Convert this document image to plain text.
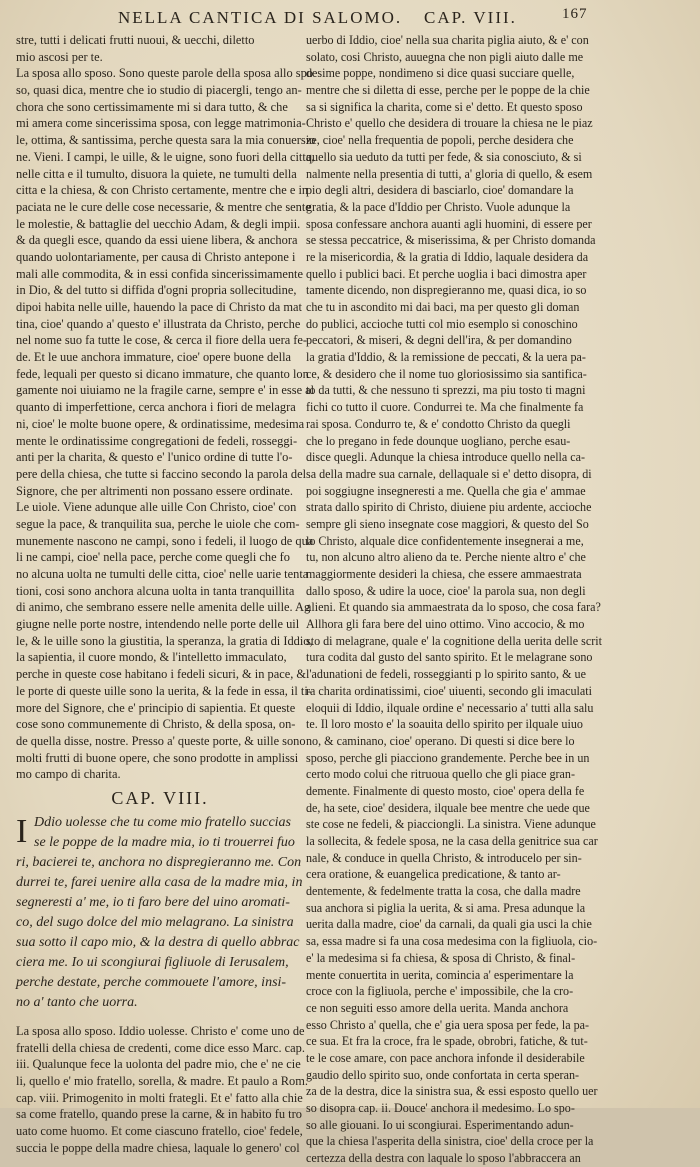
NELLA CANTICA DI SALOMO. CAP. VIII.	167
stre, tutti i delicati frutti nuoui, & uecchi, diletto
mio ascosi per te.
La sposa allo sposo. Sono queste parole della sposa allo spo
so, quasi dica, mentre che io studio di piacergli, tengo an-
chora che sono certissimamente mi si dara tutto, & che
mi amera come sincerissima sposa, con legge matrimonia-
le, ottima, & santissima, perche questa sara la mia conuersio
ne. Vieni. I campi, le uille, & le uigne, sono fuori della citta,
nelle citta e il tumulto, disuora la quiete, ne tumulti della
citta e la chiesa, & con Christo certamente, mentre che e in
paciata ne le cure delle cose necessarie, & mentre che sente
le molestie, & battaglie del uecchio Adam, & degli impii.
& da quegli esce, quando da essi uiene libera, & anchora
quando uolontariamente, per causa di Christo antepone i
mali alle commodita, & in essi confida sincerissimamente
in Dio, & del tutto si diffida d'ogni propria sollecitudine,
dipoi habita nelle uille, hauendo la pace di Christo da mat
tina, cioe' quando a' questo e' illustrata da Christo, perche
nel nome suo fa tutte le cose, & cerca il fiore della uera fe-
de. Et le uue anchora immature, cioe' opere buone della
fede, lequali per questo si dicano immature, che quanto lon
gamente noi uiuiamo ne la fragile carne, sempre e' in esse al
quanto di imperfettione, cerca anchora i fiori de melagra
ni, cioe' le molte buone opere, & ordinatissime, medesima
mente le ordinatissime congregationi de fedeli, rosseggi-
anti per la charita, & questo e' l'unico ordine di tutte l'o-
pere della chiesa, che tutte si faccino secondo la parola del
Signore, che per altrimenti non possano essere ordinate.
Le uiole. Viene adunque alle uille Con Christo, cioe' con
segue la pace, & tranquilita sua, perche le uiole che com-
munemente nascono ne campi, sono i fedeli, il luogo de qua
li ne campi, cioe' nella pace, perche come quegli che fo
no alcuna uolta ne tumulti delle citta, cioe' nelle uarie tenta
tioni, cosi sono anchora alcuna uolta in tanta tranquillita
di animo, che sembrano essere nelle amenita delle uille. Ag
giugne nelle porte nostre, intendendo nelle porte delle uil
le, & le uille sono la giustitia, la speranza, la gratia di Iddio,
la sapientia, il cuore mondo, & l'intelletto immaculato,
perche in queste cose habitano i fedeli sicuri, & in pace, &
le porte di queste uille sono la uerita, & la fede in essa, il ti-
more del Signore, che e' principio di sapientia. Et queste
cose sono communemente di Christo, & della sposa, on-
de quella disse, nostre. Presso a' queste porte, & uille sono
molti frutti di buone opere, che sono prodotte in amplissi
mo campo di charita.
CAP. VIII.
I Ddio uolesse che tu come mio fratello succias
se le poppe de la madre mia, io ti trouerrei fuo
ri, bacierei te, anchora no dispregieranno me. Con
durrei te, farei uenire alla casa de la madre mia, in
segneresti a' me, io ti faro bere del uino aromati-
co, del sugo dolce del mio melagrano. La sinistra
sua sotto il capo mio, & la destra di quello abbrac
ciera me. Io ui scongiurai figliuole di Ierusalem,
perche destate, perche commouete l'amore, insi-
no a' tanto che uorra.
La sposa allo sposo. Iddio uolesse. Christo e' come uno de
fratelli della chiesa de credenti, come dice esso Marc. cap.
iii. Qualunque fece la uolonta del padre mio, che e' ne cie
li, quello e' mio fratello, sorella, & madre. Et paulo a Rom.
cap. viii. Primogenito in molti frategli. Et e' fatto alla chie
sa come fratello, quando prese la carne, & in habito fu tro
uato come huomo. Et come ciascuno fratello, cioe' fedele,
succia le poppe della madre chiesa, laquale lo genero' col
uerbo di Iddio, cioe' nella sua charita piglia aiuto, & e' con
solato, cosi Christo, auuegna che non pigli aiuto dalle me
desime poppe, nondimeno si dice quasi succiare quelle,
mentre che si diletta di esse, perche per le poppe de la chie
sa si significa la charita, come si e' detto. Et questo sposo
Christo e' quello che desidera di trouare la chiesa ne le piaz
ze, cioe' nella frequentia de popoli, perche desidera che
quello sia ueduto da tutti per fede, & sia conosciuto, & si
nalmente nella presentia di tutti, a' gloria di quello, & esem
pio degli altri, desidera di basciarlo, cioe' domandare la
gratia, & la pace d'Iddio per Christo. Vuole adunque la
sposa confessare anchora auanti agli huomini, di essere per
se stessa peccatrice, & miserissima, & per Christo domanda
re la misericordia, & la gratia di Iddio, laquale desidera da
quello i publici baci. Et perche uoglia i baci dimostra aper
tamente dicendo, non dispregieranno me, quasi dica, io so
che tu in ascondito mi dai baci, ma per questo gli doman
do publici, accioche tutti col mio esemplo si conoschino
peccatori, & miseri, & degni dell'ira, & per domandino
la gratia d'Iddio, & la remissione de peccati, & la uera pa-
ce, & desidero che il nome tuo gloriosissimo sia santifica-
to da tutti, & che nessuno ti sprezzi, ma piu tosto ti magni
fichi co tutto il cuore. Condurrei te. Ma che finalmente fa
rai sposa. Condurro te, & e' condotto Christo da quegli
che lo pregano in fede dounque uogliano, perche esau-
disce quegli. Adunque la chiesa introduce quello nella ca-
sa della madre sua carnale, dellaquale si e' detto disopra, di
poi soggiugne insegneresti a me. Quella che gia e' ammae
strata dallo spirito di Christo, diuiene piu ardente, accioche
sempre gli sieno insegnate cose maggiori, & questo del So
lo Christo, alquale dice confidentemente insegnerai a me,
tu, non alcuno altro alieno da te. Perche niente altro e' che
maggiormente desideri la chiesa, che essere ammaestrata
dallo sposo, & udire la uoce, cioe' la parola sua, non degli
alieni. Et quando sia ammaestrata da lo sposo, che cosa fara?
Allhora gli fara bere del uino ottimo. Vino accocio, & mo
sto di melagrane, quale e' la cognitione della uerita delle scrit
tura codita dal gusto del santo spirito. Et le melagrane sono
l'adunationi de fedeli, rosseggianti p lo spirito santo, & ue
ra charita ordinatissimi, cioe' uiuenti, secondo gli imaculati
eloquii di Iddio, ilquale ordine e' necessario a' tutti alla salu
te. Il loro mosto e' la soauita dello spirito per ilquale uiuo
no, & caminano, cioe' operano. Di questi si dice bere lo
sposo, perche gli piacciono grandemente. Perche bee in un
certo modo colui che ritruoua quello che gli piace gran-
demente. Finalmente di questo mosto, cioe' opera della fe
de, ha sete, cioe' desidera, ilquale bee mentre che uede que
ste cose ne fedeli, & piacciongli. La sinistra. Viene adunque
la sollecita, & fedele sposa, ne la casa della genitrice sua car
nale, & conduce in quella Christo, & introducelo per sin-
cera oratione, & euangelica predicatione, & tanto ar-
dentemente, & fedelmente tratta la cosa, che dalla madre
sua anchora si piglia la uerita, & si ama. Presa adunque la
uerita dalla madre, cioe' da carnali, da quali gia usci la chie
sa, essa madre si fa una cosa medesima con la figliuola, cio-
e' la medesima si fa chiesa, & sposa di Christo, & final-
mente conuertita in uerita, comincia a' esperimentare la
croce con la figliuola, perche e' impossibile, che la cro-
ce non seguiti esso amore della uerita. Manda anchora
esso Christo a' quella, che e' gia uera sposa per fede, la pa-
ce sua. Et fra la croce, fra le spade, obrobri, fatiche, & tut-
te le cose amare, con pace anchora infonde il desiderabile
gaudio dello spirito suo, onde confortata in certa speran-
za de la destra, dice la sinistra sua, & essi esposto quello uer
so disopra cap. ii. Douce' anchora il medesimo. Lo spo-
so alle giouani. Io ui scongiurai. Esperimentando adun-
que la chiesa l'asperita della sinistra, cioe' della croce per la
certezza della destra con laquale lo sposo l'abbraccera an
